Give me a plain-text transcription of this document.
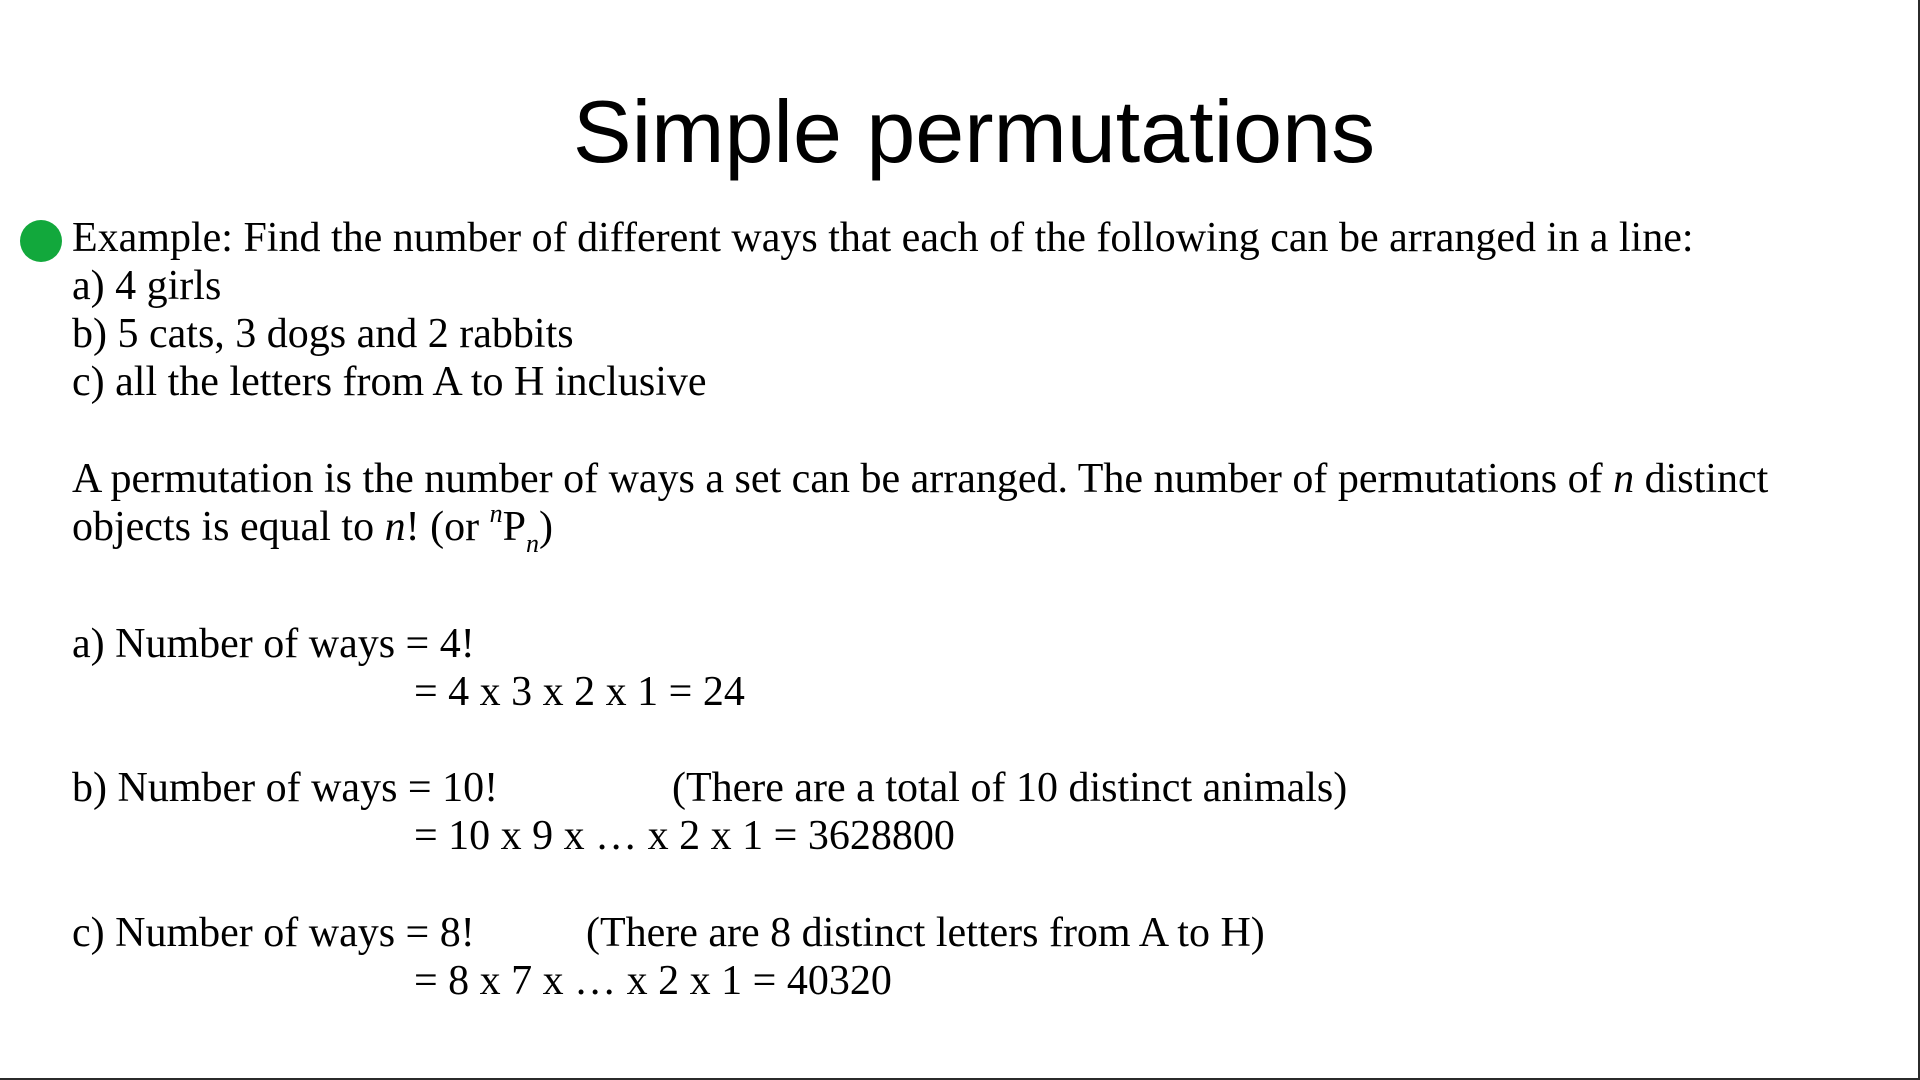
Simple permutations
Example: Find the number of different ways that each of the following can be arranged in a line:
a) 4 girls
b) 5 cats, 3 dogs and 2 rabbits
c) all the letters from A to H inclusive
A permutation is the number of ways a set can be arranged. The number of permutations of n distinct
objects is equal to n! (or $^nP_n$)
a) Number of ways = 4!
= 4 x 3 x 2 x 1 = 24
b) Number of ways = 10!	(There are a total of 10 distinct animals)
= 10 x 9 x … x 2 x 1 = 3628800
c) Number of ways = 8!	(There are 8 distinct letters from A to H)
= 8 x 7 x … x 2 x 1 = 40320
